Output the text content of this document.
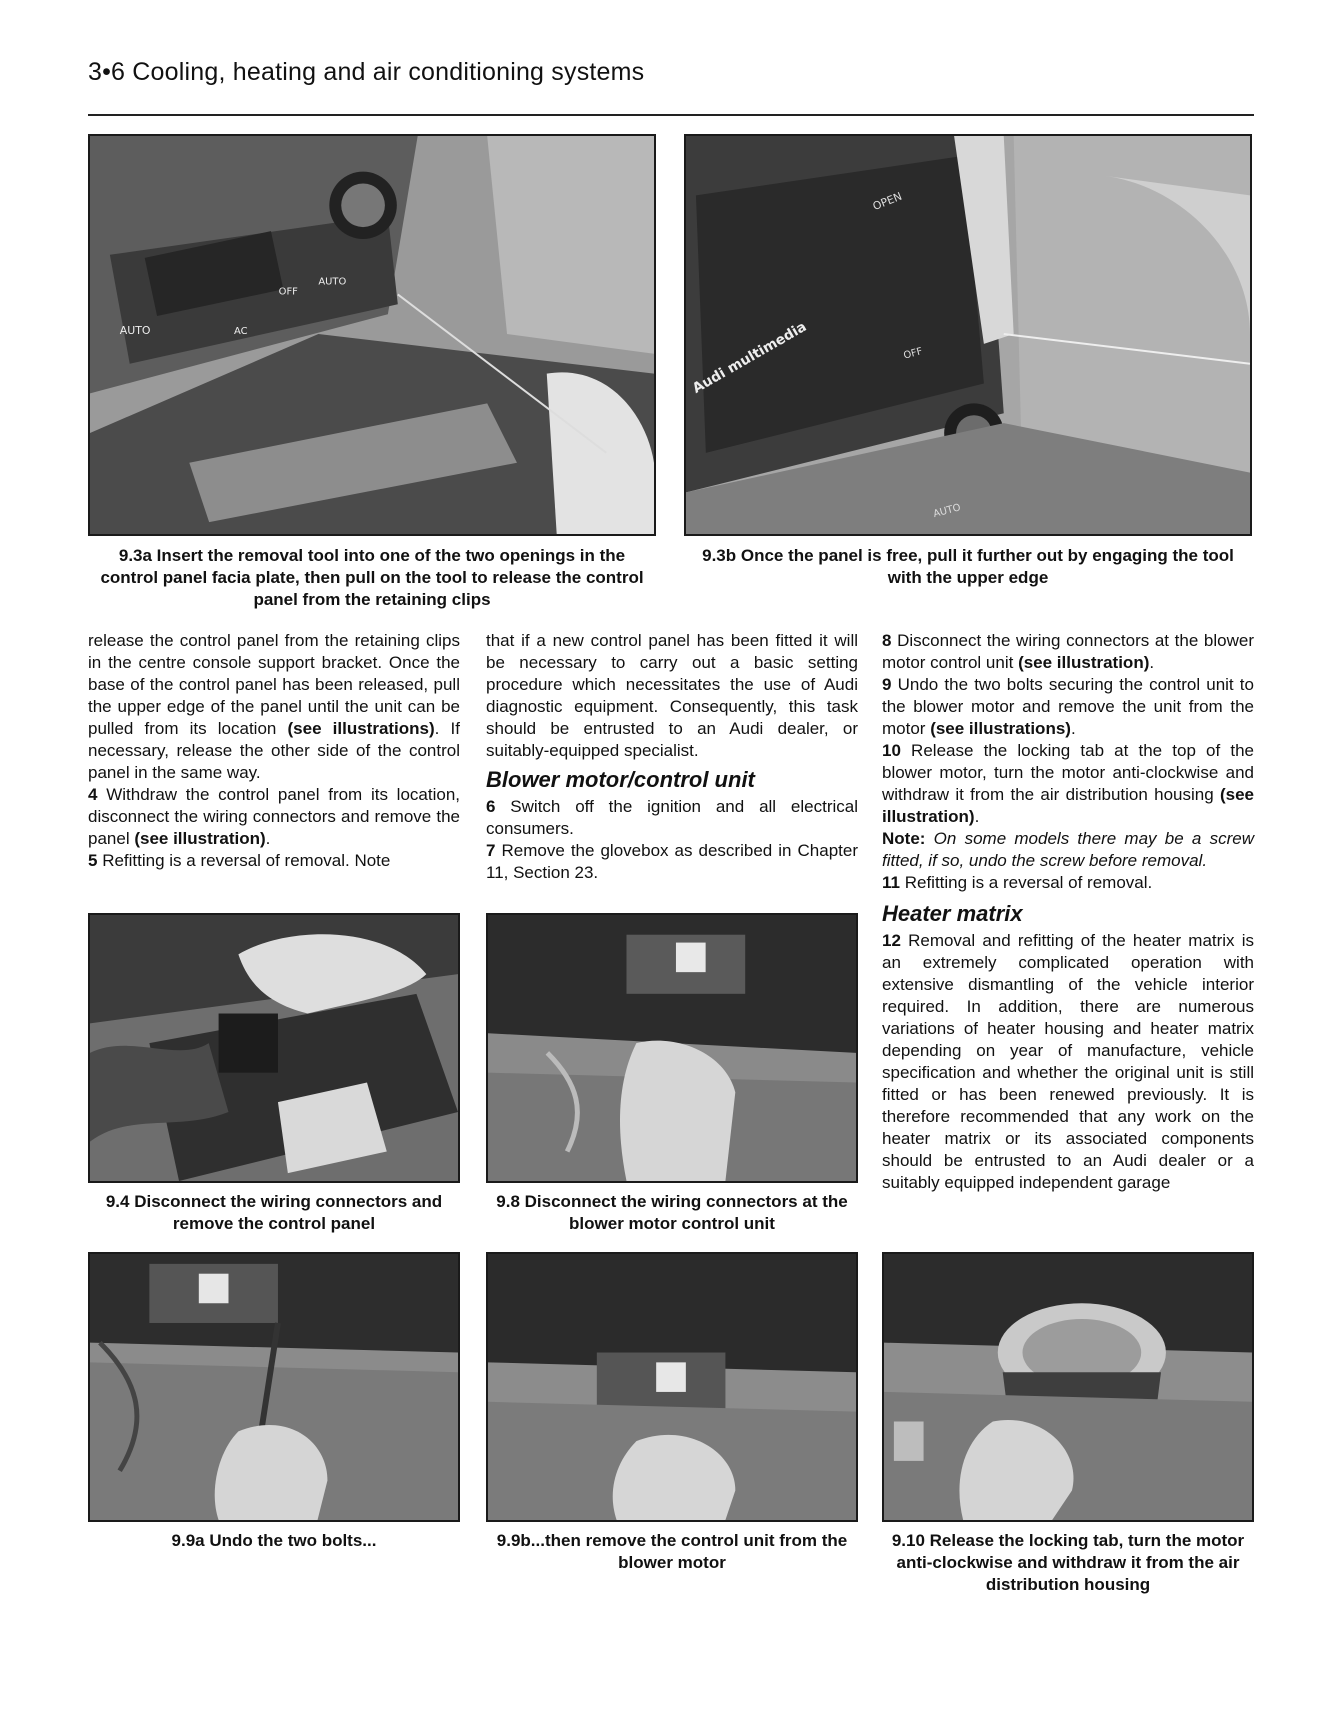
3•6 Cooling, heating and air conditioning systems
AUTO
AUTO
AC
OFF
9.3a Insert the removal tool into one of the two openings in the control panel facia plate, then pull on the tool to release the control panel from the retaining clips
OPEN
Audi multimedia	OFF
AUTO
9.3b Once the panel is free, pull it further out by engaging the tool with the upper edge

release the control panel from the retaining clips in the centre console support bracket. Once the base of the control panel has been released, pull the upper edge of the panel until the unit can be pulled from its location (see illustrations). If necessary, release the other side of the control panel in the same way.

4 Withdraw the control panel from its location, disconnect the wiring connectors and remove the panel (see illustration).

5 Refitting is a reversal of removal. Note

that if a new control panel has been fitted it will be necessary to carry out a basic setting procedure which necessitates the use of Audi diagnostic equipment. Consequently, this task should be entrusted to an Audi dealer, or suitably-equipped specialist.

Blower motor/control unit

6 Switch off the ignition and all electrical consumers.

7 Remove the glovebox as described in Chapter 11, Section 23.

8 Disconnect the wiring connectors at the blower motor control unit (see illustration).

9 Undo the two bolts securing the control unit to the blower motor and remove the unit from the motor (see illustrations).

10 Release the locking tab at the top of the blower motor, turn the motor anti-clockwise and withdraw it from the air distribution housing (see illustration).

Note: On some models there may be a screw fitted, if so, undo the screw before removal.

11 Refitting is a reversal of removal.

Heater matrix

12 Removal and refitting of the heater matrix is an extremely complicated operation with extensive dismantling of the vehicle interior required. In addition, there are numerous variations of heater housing and heater matrix depending on year of manufacture, vehicle specification and whether the original unit is still fitted or has been renewed previously. It is therefore recommended that any work on the heater matrix or its associated components should be entrusted to an Audi dealer or a suitably equipped independent garage

9.4 Disconnect the wiring connectors and remove the control panel
9.8 Disconnect the wiring connectors at the blower motor control unit
9.9a Undo the two bolts...	9.9b...then remove the control unit from the blower motor
9.10 Release the locking tab, turn the motor anti-clockwise and withdraw it from the air distribution housing
